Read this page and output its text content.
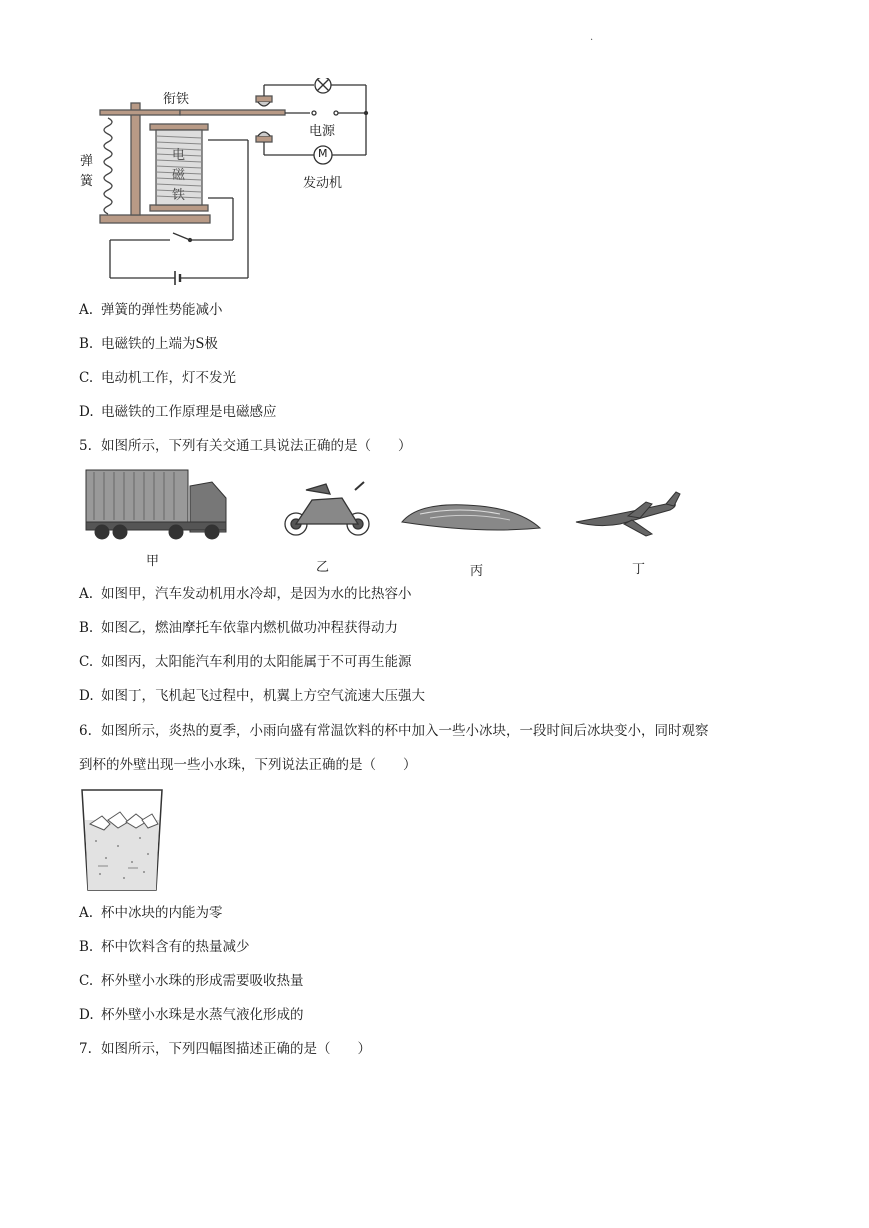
.
衔铁
弹
簧
电
磁
铁
电源
M
发动机
A. 弹簧的弹性势能减小
B. 电磁铁的上端为S极
C. 电动机工作，灯不发光
D. 电磁铁的工作原理是电磁感应
5. 如图所示，下列有关交通工具说法正确的是（　　）
甲	乙	丙	丁
A. 如图甲，汽车发动机用水冷却，是因为水的比热容小
B. 如图乙，燃油摩托车依靠内燃机做功冲程获得动力
C. 如图丙，太阳能汽车利用的太阳能属于不可再生能源
D. 如图丁，飞机起飞过程中，机翼上方空气流速大压强大
6. 如图所示，炎热的夏季，小雨向盛有常温饮料的杯中加入一些小冰块，一段时间后冰块变小，同时观察
到杯的外壁出现一些小水珠，下列说法正确的是（　　）
A. 杯中冰块的内能为零
B. 杯中饮料含有的热量减少
C. 杯外壁小水珠的形成需要吸收热量
D. 杯外壁小水珠是水蒸气液化形成的
7. 如图所示，下列四幅图描述正确的是（　　）
